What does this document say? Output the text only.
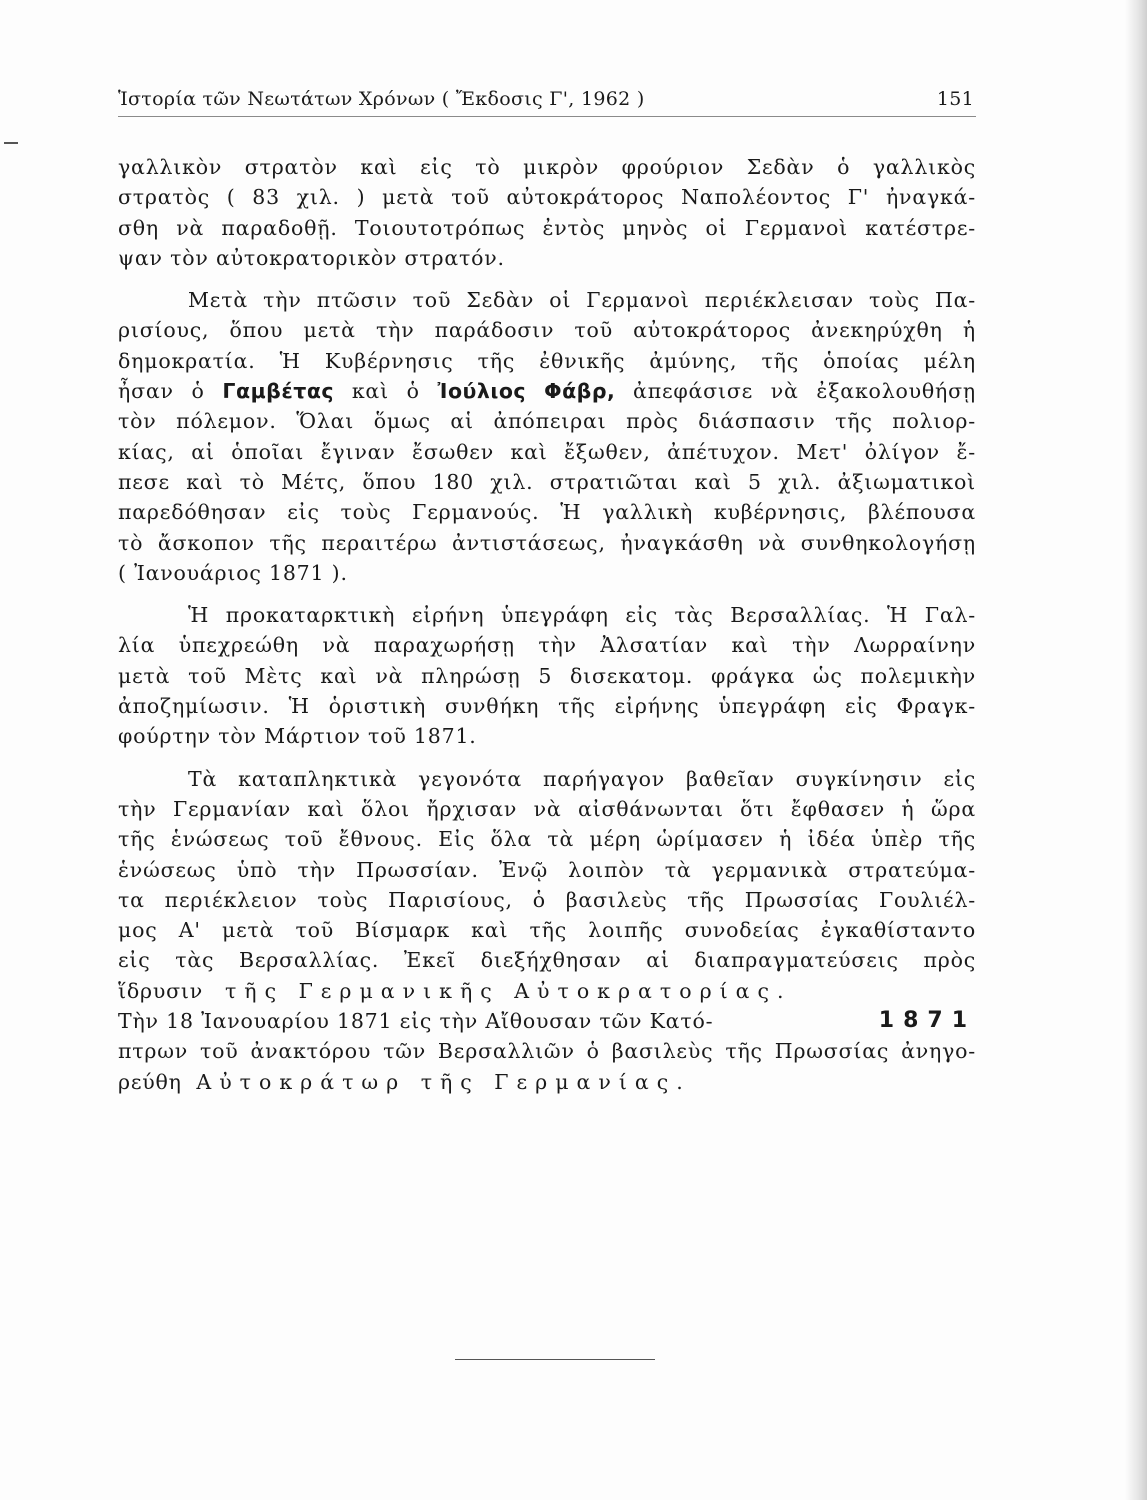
Ἱστορία τῶν Νεωτάτων Χρόνων ( Ἔκδοσις Γ', 1962 )	151

γαλλικὸν στρατὸν καὶ εἰς τὸ μικρὸν φρούριον Σεδὰν ὁ γαλλικὸς
στρατὸς ( 83 χιλ. ) μετὰ τοῦ αὐτοκράτορος Ναπολέοντος Γ' ἠναγκά-
σθη νὰ παραδοθῇ. Τοιουτοτρόπως ἐντὸς μηνὸς οἱ Γερμανοὶ κατέστρε-
ψαν τὸν αὐτοκρατορικὸν στρατόν.

Μετὰ τὴν πτῶσιν τοῦ Σεδὰν οἱ Γερμανοὶ περιέκλεισαν τοὺς Πα-
ρισίους, ὅπου μετὰ τὴν παράδοσιν τοῦ αὐτοκράτορος ἀνεκηρύχθη ἡ
δημοκρατία. Ἡ Κυβέρνησις τῆς ἐθνικῆς ἀμύνης, τῆς ὁποίας μέλη
ἦσαν ὁ Γαμβέτας καὶ ὁ Ἰούλιος Φάβρ, ἀπεφάσισε νὰ ἐξακολουθήσῃ
τὸν πόλεμον. Ὅλαι ὅμως αἱ ἀπόπειραι πρὸς διάσπασιν τῆς πολιορ-
κίας, αἱ ὁποῖαι ἔγιναν ἔσωθεν καὶ ἔξωθεν, ἀπέτυχον. Μετ' ὀλίγον ἔ-
πεσε καὶ τὸ Μέτς, ὅπου 180 χιλ. στρατιῶται καὶ 5 χιλ. ἀξιωματικοὶ
παρεδόθησαν εἰς τοὺς Γερμανούς. Ἡ γαλλικὴ κυβέρνησις, βλέπουσα
τὸ ἄσκοπον τῆς περαιτέρω ἀντιστάσεως, ἠναγκάσθη νὰ συνθηκολογήσῃ
( Ἰανουάριος 1871 ).

Ἡ προκαταρκτικὴ εἰρήνη ὑπεγράφη εἰς τὰς Βερσαλλίας. Ἡ Γαλ-
λία ὑπεχρεώθη νὰ παραχωρήσῃ τὴν Ἀλσατίαν καὶ τὴν Λωρραίνην
μετὰ τοῦ Μὲτς καὶ νὰ πληρώσῃ 5 δισεκατομ. φράγκα ὡς πολεμικὴν
ἀποζημίωσιν. Ἡ ὁριστικὴ συνθήκη τῆς εἰρήνης ὑπεγράφη εἰς Φραγκ-
φούρτην τὸν Μάρτιον τοῦ 1871.

Τὰ καταπληκτικὰ γεγονότα παρήγαγον βαθεῖαν συγκίνησιν εἰς
τὴν Γερμανίαν καὶ ὅλοι ἤρχισαν νὰ αἰσθάνωνται ὅτι ἔφθασεν ἡ ὥρα
τῆς ἑνώσεως τοῦ ἔθνους. Εἰς ὅλα τὰ μέρη ὡρίμασεν ἡ ἰδέα ὑπὲρ τῆς
ἑνώσεως ὑπὸ τὴν Πρωσσίαν. Ἐνῷ λοιπὸν τὰ γερμανικὰ στρατεύμα-
τα περιέκλειον τοὺς Παρισίους, ὁ βασιλεὺς τῆς Πρωσσίας Γουλιέλ-
μος Α' μετὰ τοῦ Βίσμαρκ καὶ τῆς λοιπῆς συνοδείας ἐγκαθίσταντο
εἰς τὰς Βερσαλλίας. Ἐκεῖ διεξήχθησαν αἱ διαπραγματεύσεις πρὸς
ἵδρυσιν τῆς Γερμανικῆς Αὐτοκρατορίας.

Τὴν 18 Ἰανουαρίου 1871 εἰς τὴν Αἴθουσαν τῶν Κατό-	1871
πτρων τοῦ ἀνακτόρου τῶν Βερσαλλιῶν ὁ βασιλεὺς τῆς Πρωσσίας ἀνηγο-
ρεύθη Αὐτοκράτωρ τῆς Γερμανίας.
